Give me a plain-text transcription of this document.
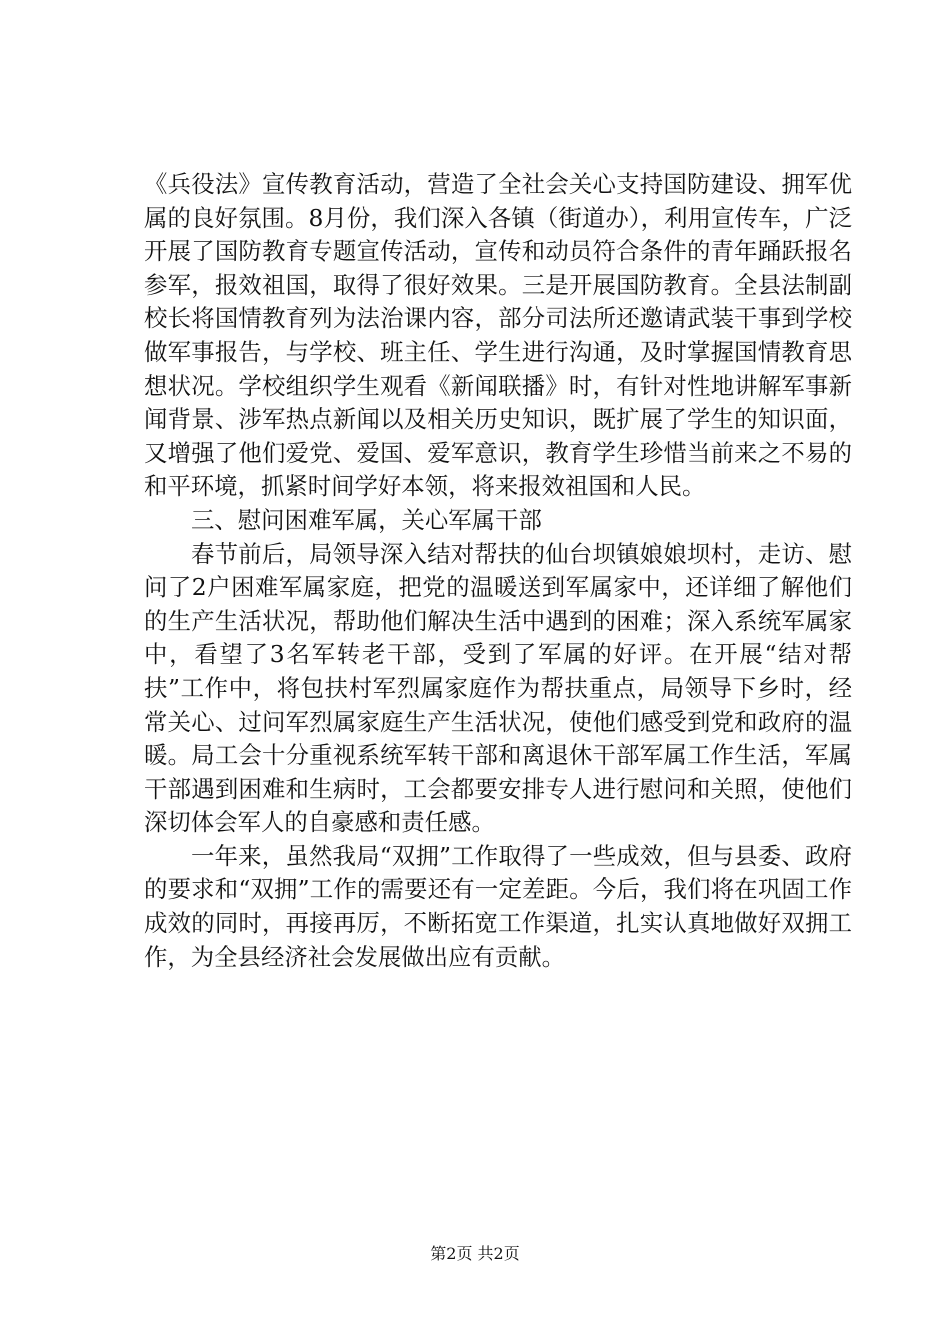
《兵役法》宣传教育活动，营造了全社会关心支持国防建设、拥军优属的良好氛围。8月份，我们深入各镇（街道办），利用宣传车，广泛开展了国防教育专题宣传活动，宣传和动员符合条件的青年踊跃报名参军，报效祖国，取得了很好效果。三是开展国防教育。全县法制副校长将国情教育列为法治课内容，部分司法所还邀请武装干事到学校做军事报告，与学校、班主任、学生进行沟通，及时掌握国情教育思想状况。学校组织学生观看《新闻联播》时，有针对性地讲解军事新闻背景、涉军热点新闻以及相关历史知识，既扩展了学生的知识面，又增强了他们爱党、爱国、爱军意识，教育学生珍惜当前来之不易的和平环境，抓紧时间学好本领，将来报效祖国和人民。

三、慰问困难军属，关心军属干部

春节前后，局领导深入结对帮扶的仙台坝镇娘娘坝村，走访、慰问了2户困难军属家庭，把党的温暖送到军属家中，还详细了解他们的生产生活状况，帮助他们解决生活中遇到的困难；深入系统军属家中，看望了3名军转老干部，受到了军属的好评。在开展“结对帮扶”工作中，将包扶村军烈属家庭作为帮扶重点，局领导下乡时，经常关心、过问军烈属家庭生产生活状况，使他们感受到党和政府的温暖。局工会十分重视系统军转干部和离退休干部军属工作生活，军属干部遇到困难和生病时，工会都要安排专人进行慰问和关照，使他们深切体会军人的自豪感和责任感。

一年来，虽然我局“双拥”工作取得了一些成效，但与县委、政府的要求和“双拥”工作的需要还有一定差距。今后，我们将在巩固工作成效的同时，再接再厉，不断拓宽工作渠道，扎实认真地做好双拥工作，为全县经济社会发展做出应有贡献。

第2页 共2页
